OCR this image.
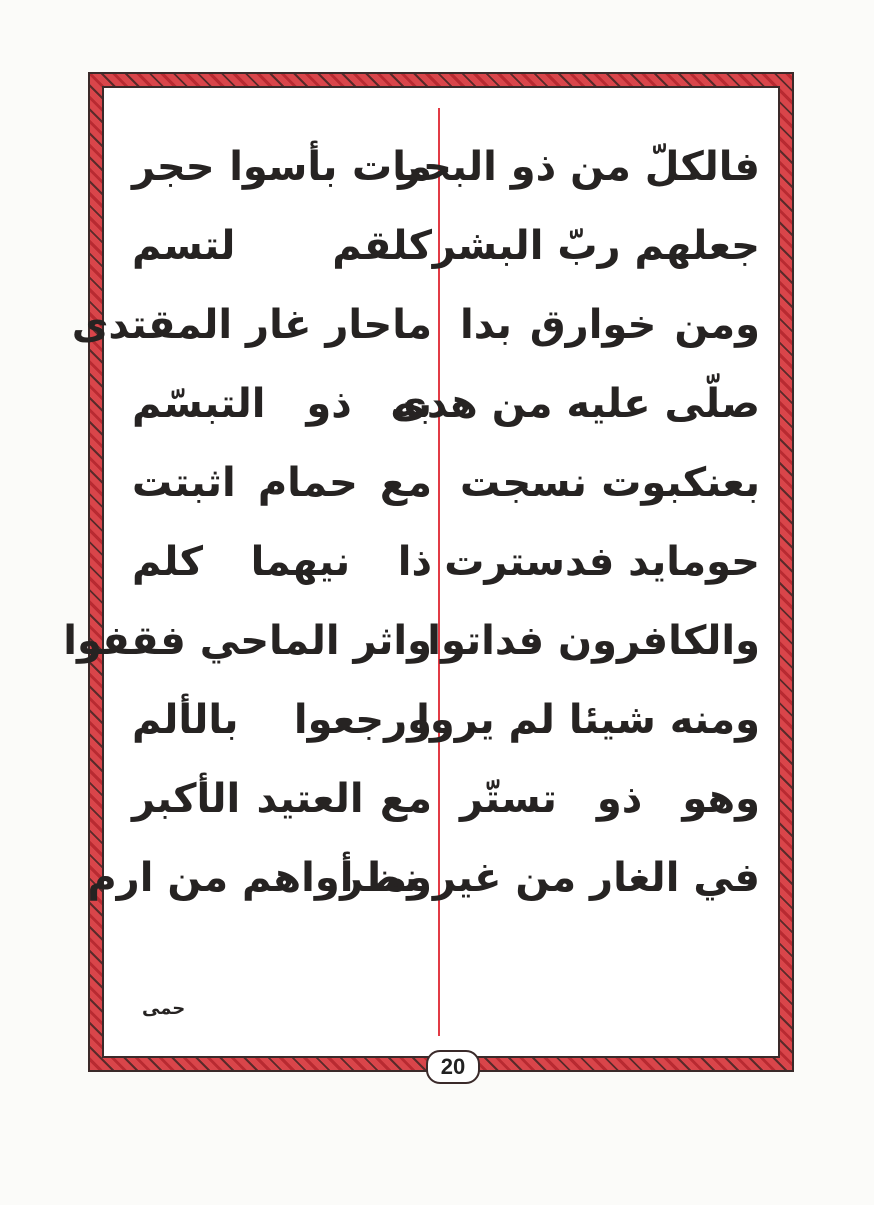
فالكلّ من ذو البحر
جعلهم ربّ البشر
ومن خوارق بدا
صلّى عليه من هدى
بعنكبوت نسجت
حومايد فدسترت
والكافرون فداتوا
ومنه شيئا لم يروا
وهو ذو تستّر
في الغار من غير نظر
مات بأسوا حجر
كلقم لتسم
ماحار غار المقتدى
به ذو التبسّم
مع حمام اثبتت
ذا نيهما كلم
واثر الماحي فقفوا
ورجعوا بالألم
مع العتيد الأكبر
وما أواهم من ارم
حمى
20
